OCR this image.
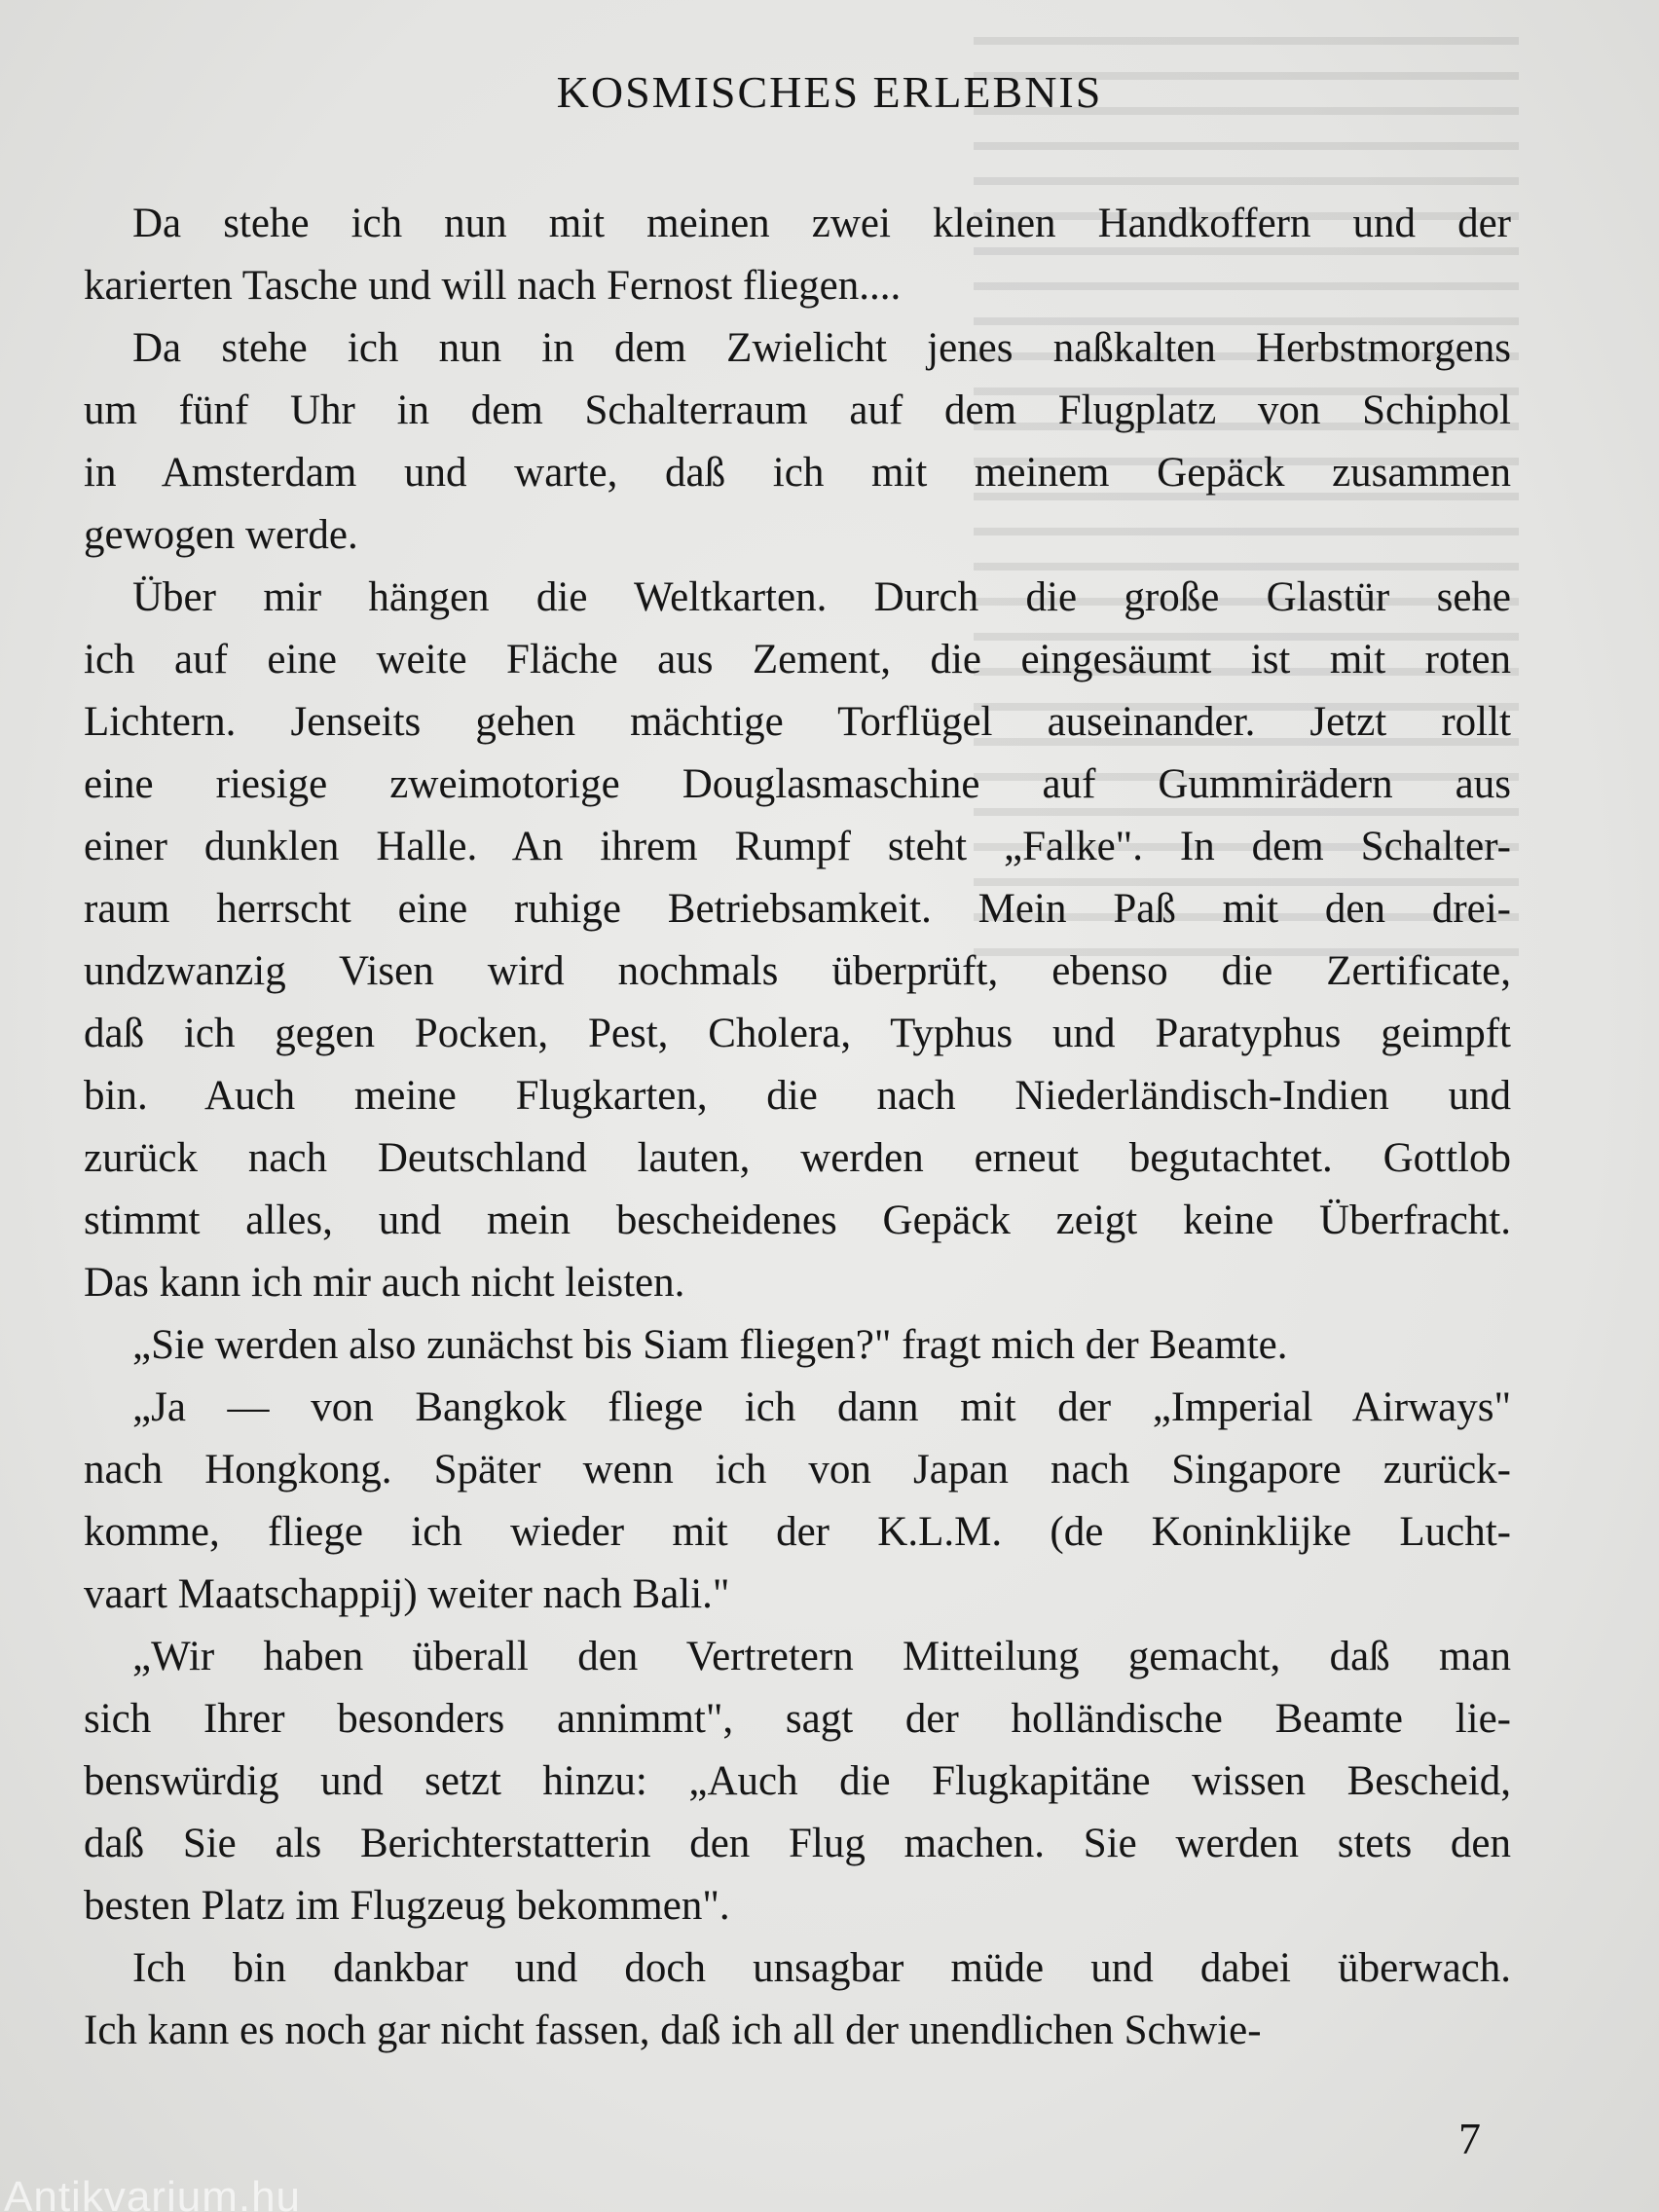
KOSMISCHES ERLEBNIS
Da stehe ich nun mit meinen zwei kleinen Handkoffern und der
karierten Tasche und will nach Fernost fliegen....
Da stehe ich nun in dem Zwielicht jenes naßkalten Herbstmorgens
um fünf Uhr in dem Schalterraum auf dem Flugplatz von Schiphol
in Amsterdam und warte, daß ich mit meinem Gepäck zusammen
gewogen werde.
Über mir hängen die Weltkarten. Durch die große Glastür sehe
ich auf eine weite Fläche aus Zement, die eingesäumt ist mit roten
Lichtern. Jenseits gehen mächtige Torflügel auseinander. Jetzt rollt
eine riesige zweimotorige Douglasmaschine auf Gummirädern aus
einer dunklen Halle. An ihrem Rumpf steht „Falke". In dem Schalter-
raum herrscht eine ruhige Betriebsamkeit. Mein Paß mit den drei-
undzwanzig Visen wird nochmals überprüft, ebenso die Zertificate,
daß ich gegen Pocken, Pest, Cholera, Typhus und Paratyphus geimpft
bin. Auch meine Flugkarten, die nach Niederländisch-Indien und
zurück nach Deutschland lauten, werden erneut begutachtet. Gottlob
stimmt alles, und mein bescheidenes Gepäck zeigt keine Überfracht.
Das kann ich mir auch nicht leisten.
„Sie werden also zunächst bis Siam fliegen?" fragt mich der Beamte.
„Ja — von Bangkok fliege ich dann mit der „Imperial Airways"
nach Hongkong. Später wenn ich von Japan nach Singapore zurück-
komme, fliege ich wieder mit der K.L.M. (de Koninklijke Lucht-
vaart Maatschappij) weiter nach Bali."
„Wir haben überall den Vertretern Mitteilung gemacht, daß man
sich Ihrer besonders annimmt", sagt der holländische Beamte lie-
benswürdig und setzt hinzu: „Auch die Flugkapitäne wissen Bescheid,
daß Sie als Berichterstatterin den Flug machen. Sie werden stets den
besten Platz im Flugzeug bekommen".
Ich bin dankbar und doch unsagbar müde und dabei überwach.
Ich kann es noch gar nicht fassen, daß ich all der unendlichen Schwie-
7
Antikvarium.hu
